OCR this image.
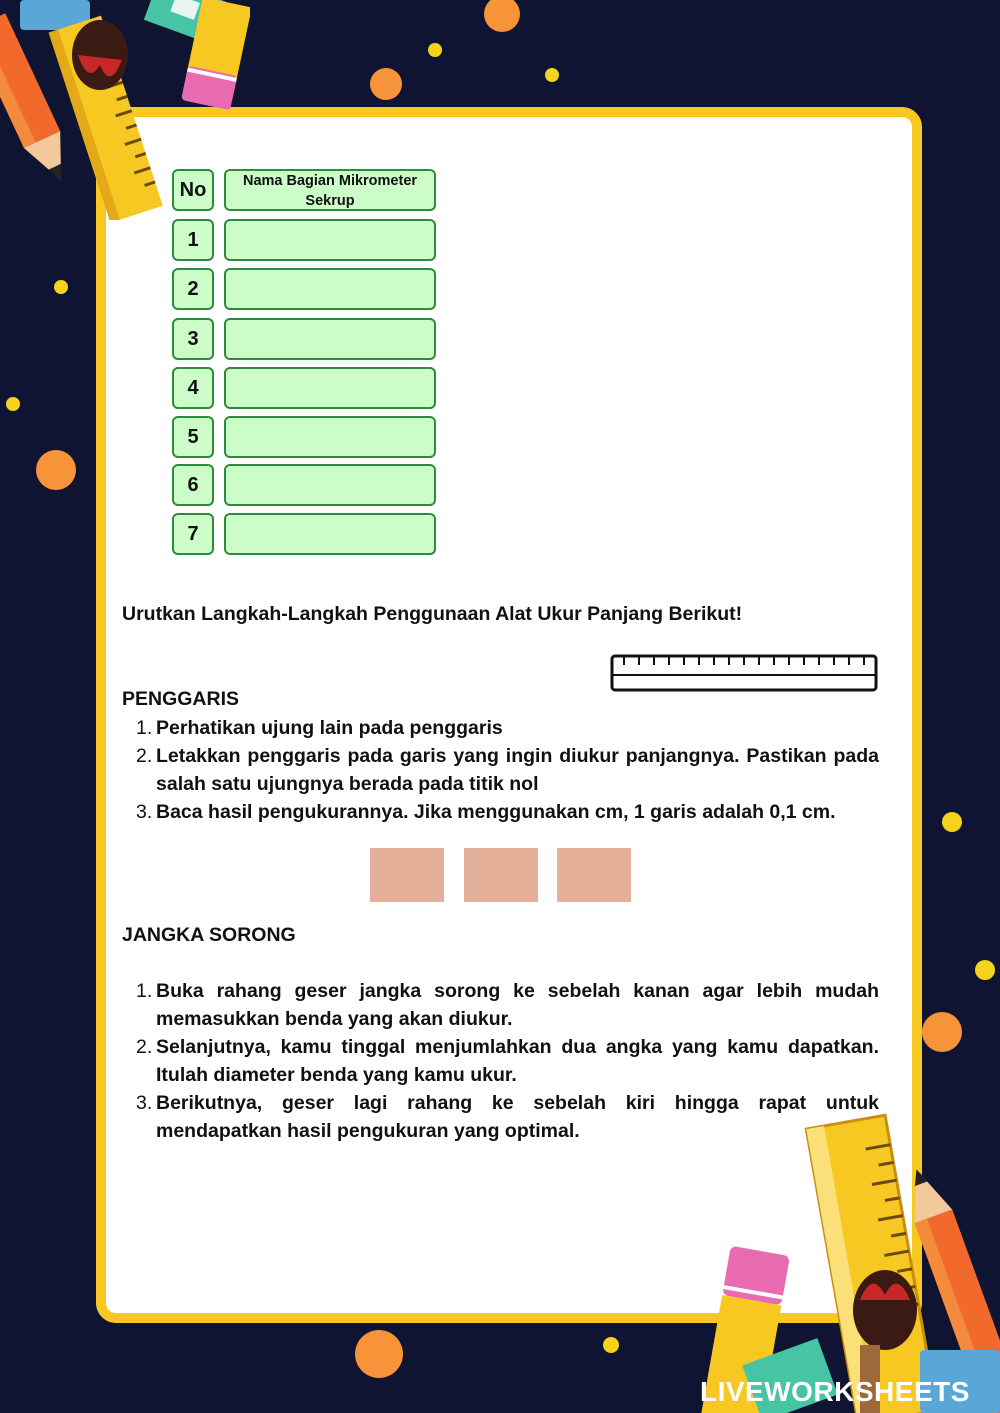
No	Nama Bagian Mikrometer Sekrup
1
2
3
4
5
6
7
Urutkan Langkah-Langkah Penggunaan Alat Ukur Panjang Berikut!
PENGGARIS
1. Perhatikan ujung lain pada penggaris
2. Letakkan penggaris pada garis yang ingin diukur panjangnya. Pastikan pada salah satu ujungnya berada pada titik nol
3. Baca hasil pengukurannya. Jika menggunakan cm, 1 garis adalah 0,1 cm.
JANGKA SORONG
1. Buka rahang geser jangka sorong ke sebelah kanan agar lebih mudah memasukkan benda yang akan diukur.
2. Selanjutnya, kamu tinggal menjumlahkan dua angka yang kamu dapatkan. Itulah diameter benda yang kamu ukur.
3. Berikutnya, geser lagi rahang ke sebelah kiri hingga rapat untuk mendapatkan hasil pengukuran yang optimal.
LIVEWORKSHEETS
